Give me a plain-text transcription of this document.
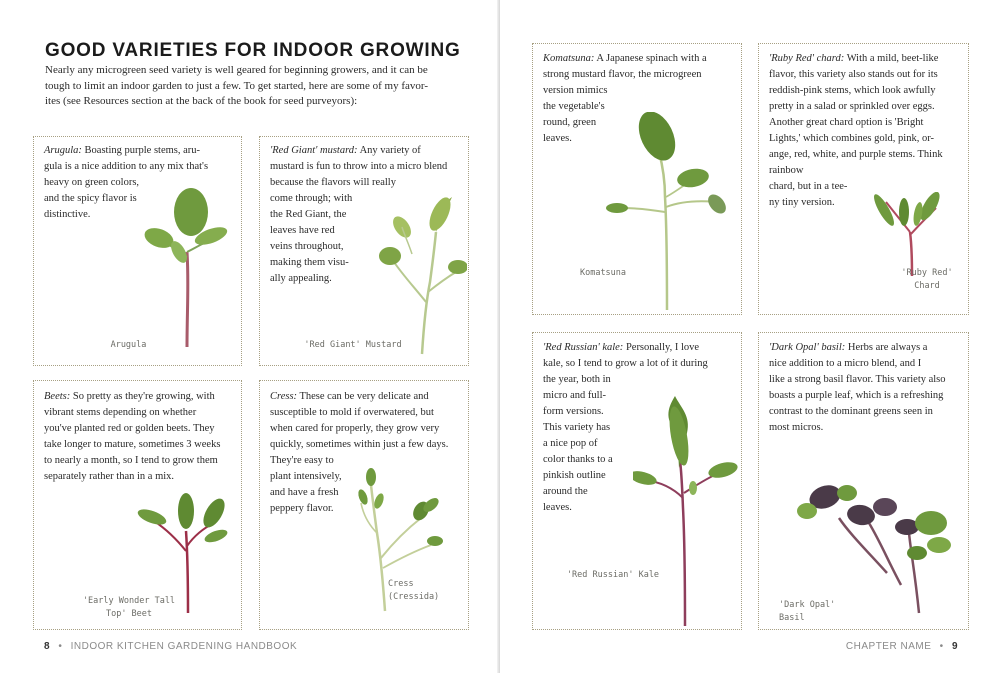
GOOD VARIETIES FOR INDOOR GROWING
Nearly any microgreen seed variety is well geared for beginning growers, and it can be
tough to limit an indoor garden to just a few. To get started, here are some of my favor-
ites (see Resources section at the back of the book for seed purveyors):
Arugula: Boasting purple stems, aru-
gula is a nice addition to any mix that's
heavy on green colors,
and the spicy flavor is
distinctive.
Arugula
'Red Giant' mustard: Any variety of
mustard is fun to throw into a micro blend
because the flavors will really
come through; with
the Red Giant, the
leaves have red
veins throughout,
making them visu-
ally appealing.
'Red Giant' Mustard
Beets: So pretty as they're growing, with
vibrant stems depending on whether
you've planted red or golden beets. They
take longer to mature, sometimes 3 weeks
to nearly a month, so I tend to grow them
separately rather than in a mix.
'Early Wonder Tall
Top' Beet
Cress: These can be very delicate and
susceptible to mold if overwatered, but
when cared for properly, they grow very
quickly, sometimes within just a few days.
They're easy to
plant intensively,
and have a fresh
peppery flavor.
Cress (Cressida)
8 • INDOOR KITCHEN GARDENING HANDBOOK
Komatsuna: A Japanese spinach with a
strong mustard flavor, the microgreen
version mimics
the vegetable's
round, green
leaves.
Komatsuna
'Ruby Red' chard: With a mild, beet-like
flavor, this variety also stands out for its
reddish-pink stems, which look awfully
pretty in a salad or sprinkled over eggs.
Another great chard option is 'Bright
Lights,' which combines gold, pink, or-
ange, red, white, and purple stems. Think
rainbow
chard, but in a tee-
ny tiny version.
'Ruby Red'
Chard
'Red Russian' kale: Personally, I love
kale, so I tend to grow a lot of it during
the year, both in
micro and full-
form versions.
This variety has
a nice pop of
color thanks to a
pinkish outline
around the
leaves.
'Red Russian' Kale
'Dark Opal' basil: Herbs are always a
nice addition to a micro blend, and I
like a strong basil flavor. This variety also
boasts a purple leaf, which is a refreshing
contrast to the dominant greens seen in
most micros.
'Dark Opal' Basil
CHAPTER NAME • 9
